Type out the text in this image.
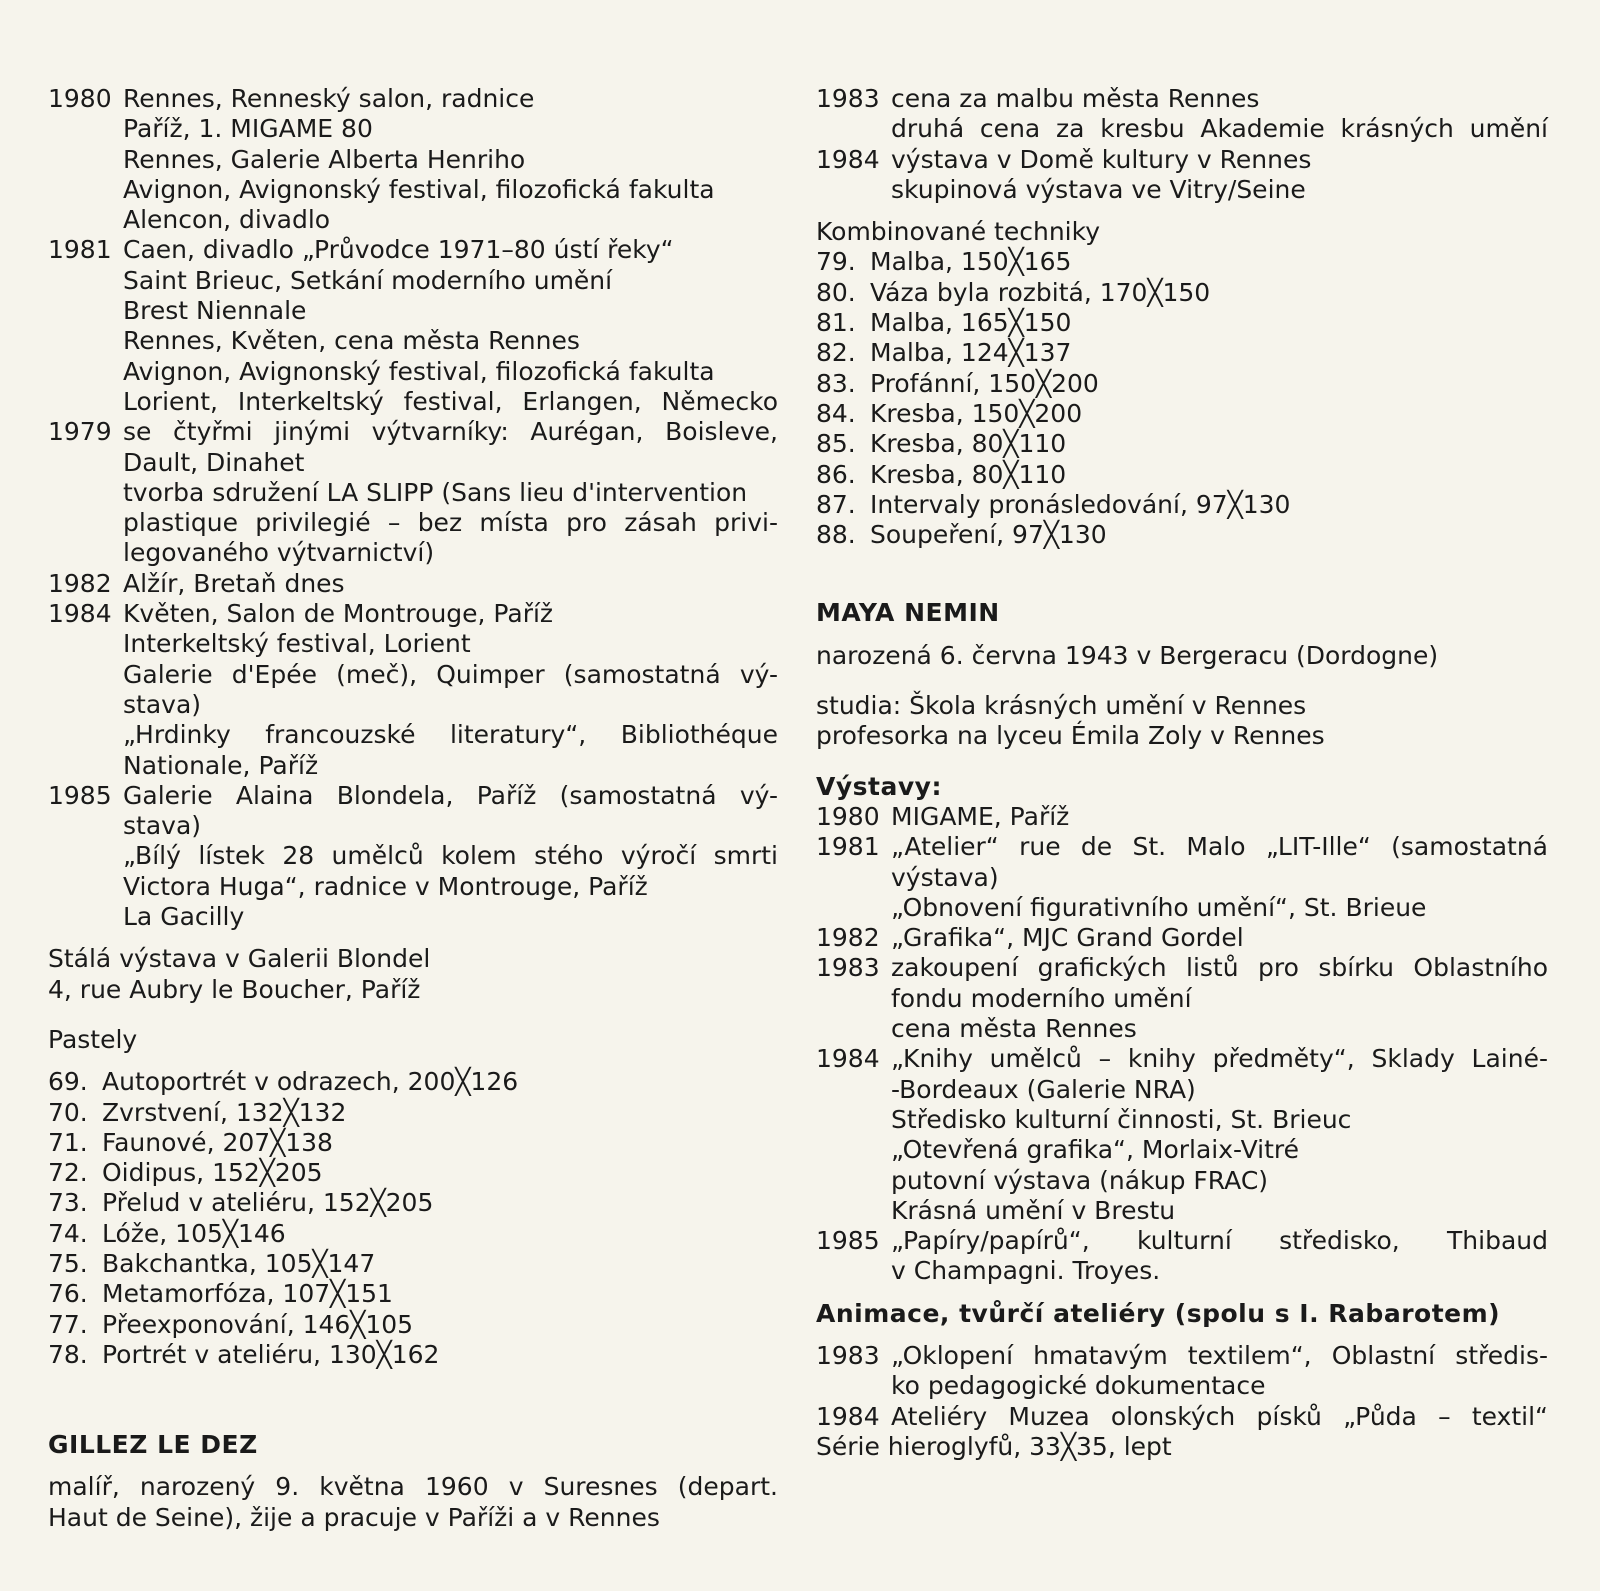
1980 Rennes, Renneský salon, radnice
Paříž, 1. MIGAME 80
Rennes, Galerie Alberta Henriho
Avignon, Avignonský festival, filozofická fakulta
Alencon, divadlo
1981 Caen, divadlo „Průvodce 1971–80 ústí řeky“
Saint Brieuc, Setkání moderního umění
Brest Niennale
Rennes, Květen, cena města Rennes
Avignon, Avignonský festival, filozofická fakulta
Lorient, Interkeltský festival, Erlangen, Německo
1979 se čtyřmi jinými výtvarníky: Aurégan, Boisleve,
Dault, Dinahet
tvorba sdružení LA SLIPP (Sans lieu d'intervention
plastique privilegié – bez místa pro zásah privi-
legovaného výtvarnictví)
1982 Alžír, Bretaň dnes
1984 Květen, Salon de Montrouge, Paříž
Interkeltský festival, Lorient
Galerie d'Epée (meč), Quimper (samostatná vý-
stava)
„Hrdinky francouzské literatury“, Bibliothéque
Nationale, Paříž
1985 Galerie Alaina Blondela, Paříž (samostatná vý-
stava)
„Bílý lístek 28 umělců kolem stého výročí smrti
Victora Huga“, radnice v Montrouge, Paříž
La Gacilly
Stálá výstava v Galerii Blondel
4, rue Aubry le Boucher, Paříž
Pastely
69. Autoportrét v odrazech, 200╳126
70. Zvrstvení, 132╳132
71. Faunové, 207╳138
72. Oidipus, 152╳205
73. Přelud v ateliéru, 152╳205
74. Lóže, 105╳146
75. Bakchantka, 105╳147
76. Metamorfóza, 107╳151
77. Přeexponování, 146╳105
78. Portrét v ateliéru, 130╳162
GILLEZ LE DEZ
malíř, narozený 9. května 1960 v Suresnes (depart.
Haut de Seine), žije a pracuje v Paříži a v Rennes
1983 cena za malbu města Rennes
druhá cena za kresbu Akademie krásných umění
1984 výstava v Domě kultury v Rennes
skupinová výstava ve Vitry/Seine
Kombinované techniky
79. Malba, 150╳165
80. Váza byla rozbitá, 170╳150
81. Malba, 165╳150
82. Malba, 124╳137
83. Profánní, 150╳200
84. Kresba, 150╳200
85. Kresba, 80╳110
86. Kresba, 80╳110
87. Intervaly pronásledování, 97╳130
88. Soupeření, 97╳130
MAYA NEMIN
narozená 6. června 1943 v Bergeracu (Dordogne)
studia: Škola krásných umění v Rennes
profesorka na lyceu Émila Zoly v Rennes
Výstavy:
1980 MIGAME, Paříž
1981 „Atelier“ rue de St. Malo „LIT-Ille“ (samostatná
výstava)
„Obnovení figurativního umění“, St. Brieue
1982 „Grafika“, MJC Grand Gordel
1983 zakoupení grafických listů pro sbírku Oblastního
fondu moderního umění
cena města Rennes
1984 „Knihy umělců – knihy předměty“, Sklady Lainé-
-Bordeaux (Galerie NRA)
Středisko kulturní činnosti, St. Brieuc
„Otevřená grafika“, Morlaix-Vitré
putovní výstava (nákup FRAC)
Krásná umění v Brestu
1985 „Papíry/papírů“, kulturní středisko, Thibaud
v Champagni. Troyes.
Animace, tvůrčí ateliéry (spolu s I. Rabarotem)
1983 „Oklopení hmatavým textilem“, Oblastní středis-
ko pedagogické dokumentace
1984 Ateliéry Muzea olonských písků „Půda – textil“
Série hieroglyfů, 33╳35, lept
